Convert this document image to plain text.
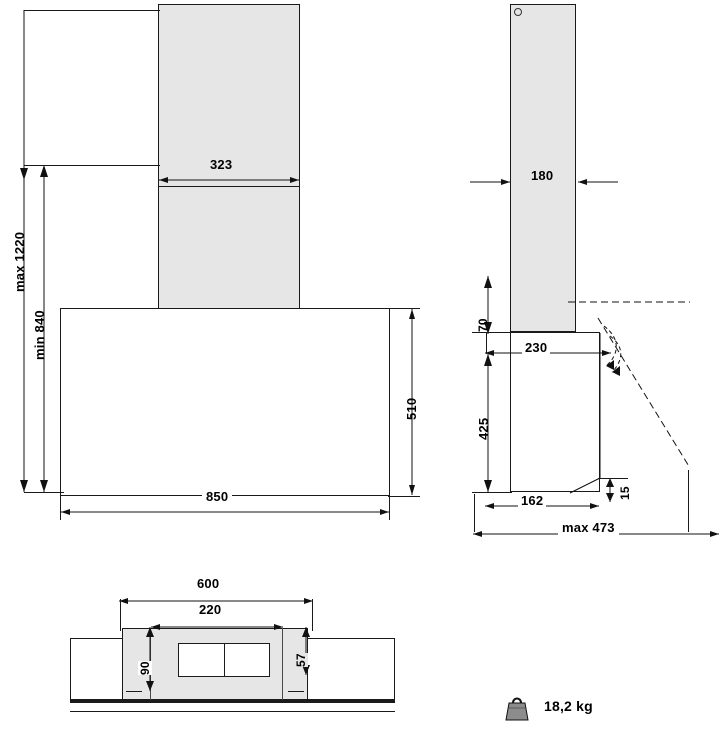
323
510
850
max 1220
min 840
180
70
230
425
162	15
max 473
600
220
90
57
18,2 kg
